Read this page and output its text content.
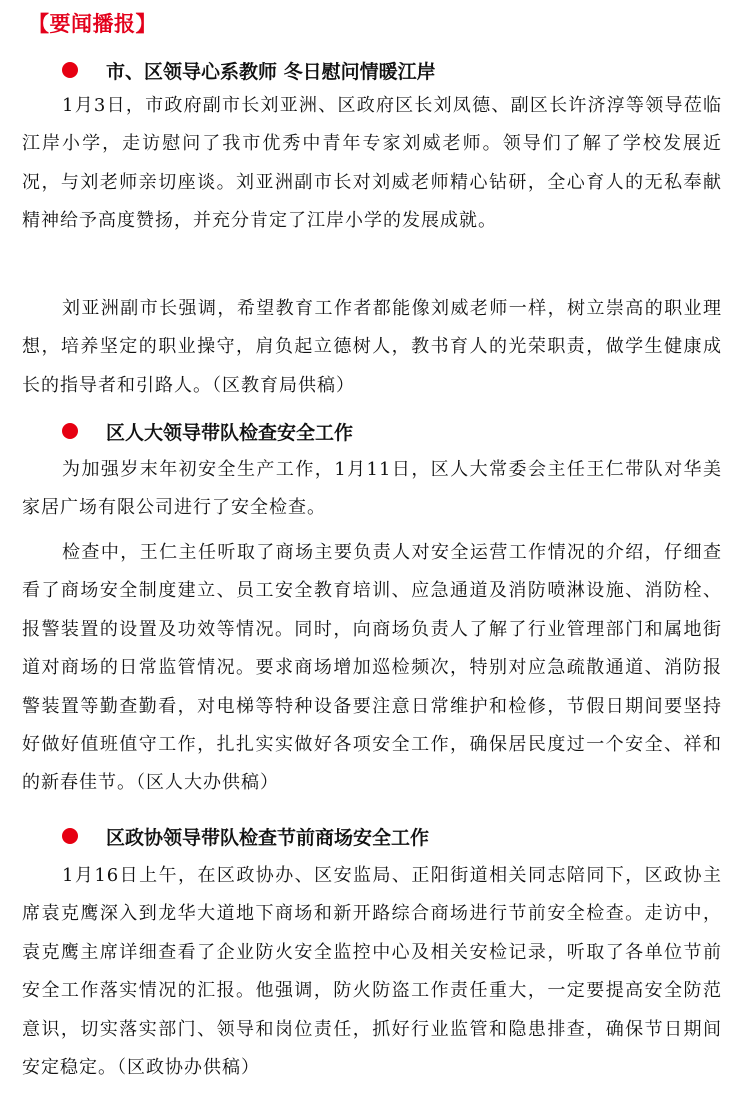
【要闻播报】
市、区领导心系教师 冬日慰问情暖江岸

1月3日，市政府副市长刘亚洲、区政府区长刘凤德、副区长许济淳等领导莅临江岸小学，走访慰问了我市优秀中青年专家刘威老师。领导们了解了学校发展近况，与刘老师亲切座谈。刘亚洲副市长对刘威老师精心钻研，全心育人的无私奉献精神给予高度赞扬，并充分肯定了江岸小学的发展成就。

刘亚洲副市长强调，希望教育工作者都能像刘威老师一样，树立崇高的职业理想，培养坚定的职业操守，肩负起立德树人，教书育人的光荣职责，做学生健康成长的指导者和引路人。（区教育局供稿）

区人大领导带队检查安全工作

为加强岁末年初安全生产工作，1月11日，区人大常委会主任王仁带队对华美家居广场有限公司进行了安全检查。

检查中，王仁主任听取了商场主要负责人对安全运营工作情况的介绍，仔细查看了商场安全制度建立、员工安全教育培训、应急通道及消防喷淋设施、消防栓、报警装置的设置及功效等情况。同时，向商场负责人了解了行业管理部门和属地街道对商场的日常监管情况。要求商场增加巡检频次，特别对应急疏散通道、消防报警装置等勤查勤看，对电梯等特种设备要注意日常维护和检修，节假日期间要坚持好做好值班值守工作，扎扎实实做好各项安全工作，确保居民度过一个安全、祥和的新春佳节。（区人大办供稿）

区政协领导带队检查节前商场安全工作

1月16日上午，在区政协办、区安监局、正阳街道相关同志陪同下，区政协主席袁克鹰深入到龙华大道地下商场和新开路综合商场进行节前安全检查。走访中，袁克鹰主席详细查看了企业防火安全监控中心及相关安检记录，听取了各单位节前安全工作落实情况的汇报。他强调，防火防盗工作责任重大，一定要提高安全防范意识，切实落实部门、领导和岗位责任，抓好行业监管和隐患排查，确保节日期间安定稳定。（区政协办供稿）
